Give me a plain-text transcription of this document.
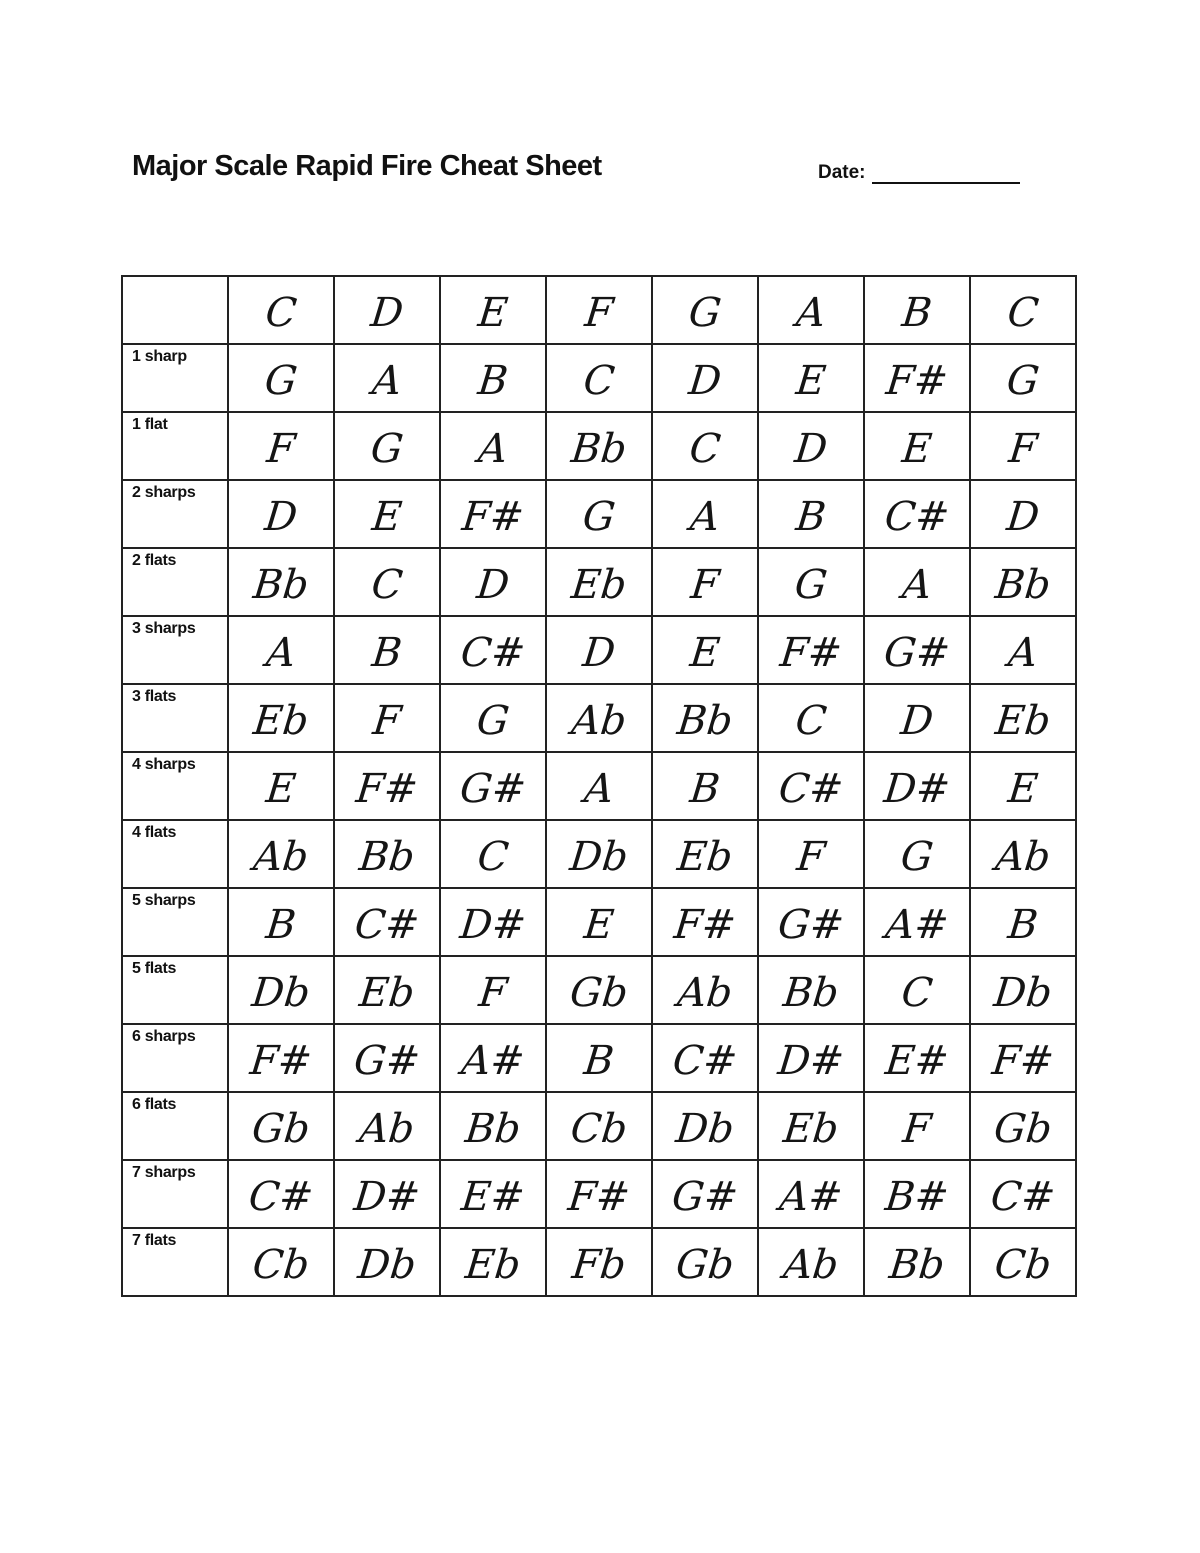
Major Scale Rapid Fire Cheat Sheet	Date:

	C	D	E	F	G	A	B	C

1 sharp	G	A	B	C	D	E	F#	G

1 flat	F	G	A	Bb	C	D	E	F

2 sharps	D	E	F#	G	A	B	C#	D

2 flats	Bb	C	D	Eb	F	G	A	Bb

3 sharps	A	B	C#	D	E	F#	G#	A

3 flats	Eb	F	G	Ab	Bb	C	D	Eb

4 sharps	E	F#	G#	A	B	C#	D#	E

4 flats	Ab	Bb	C	Db	Eb	F	G	Ab

5 sharps	B	C#	D#	E	F#	G#	A#	B

5 flats	Db	Eb	F	Gb	Ab	Bb	C	Db

6 sharps	F#	G#	A#	B	C#	D#	E#	F#

6 flats	Gb	Ab	Bb	Cb	Db	Eb	F	Gb

7 sharps	C#	D#	E#	F#	G#	A#	B#	C#

7 flats	Cb	Db	Eb	Fb	Gb	Ab	Bb	Cb
